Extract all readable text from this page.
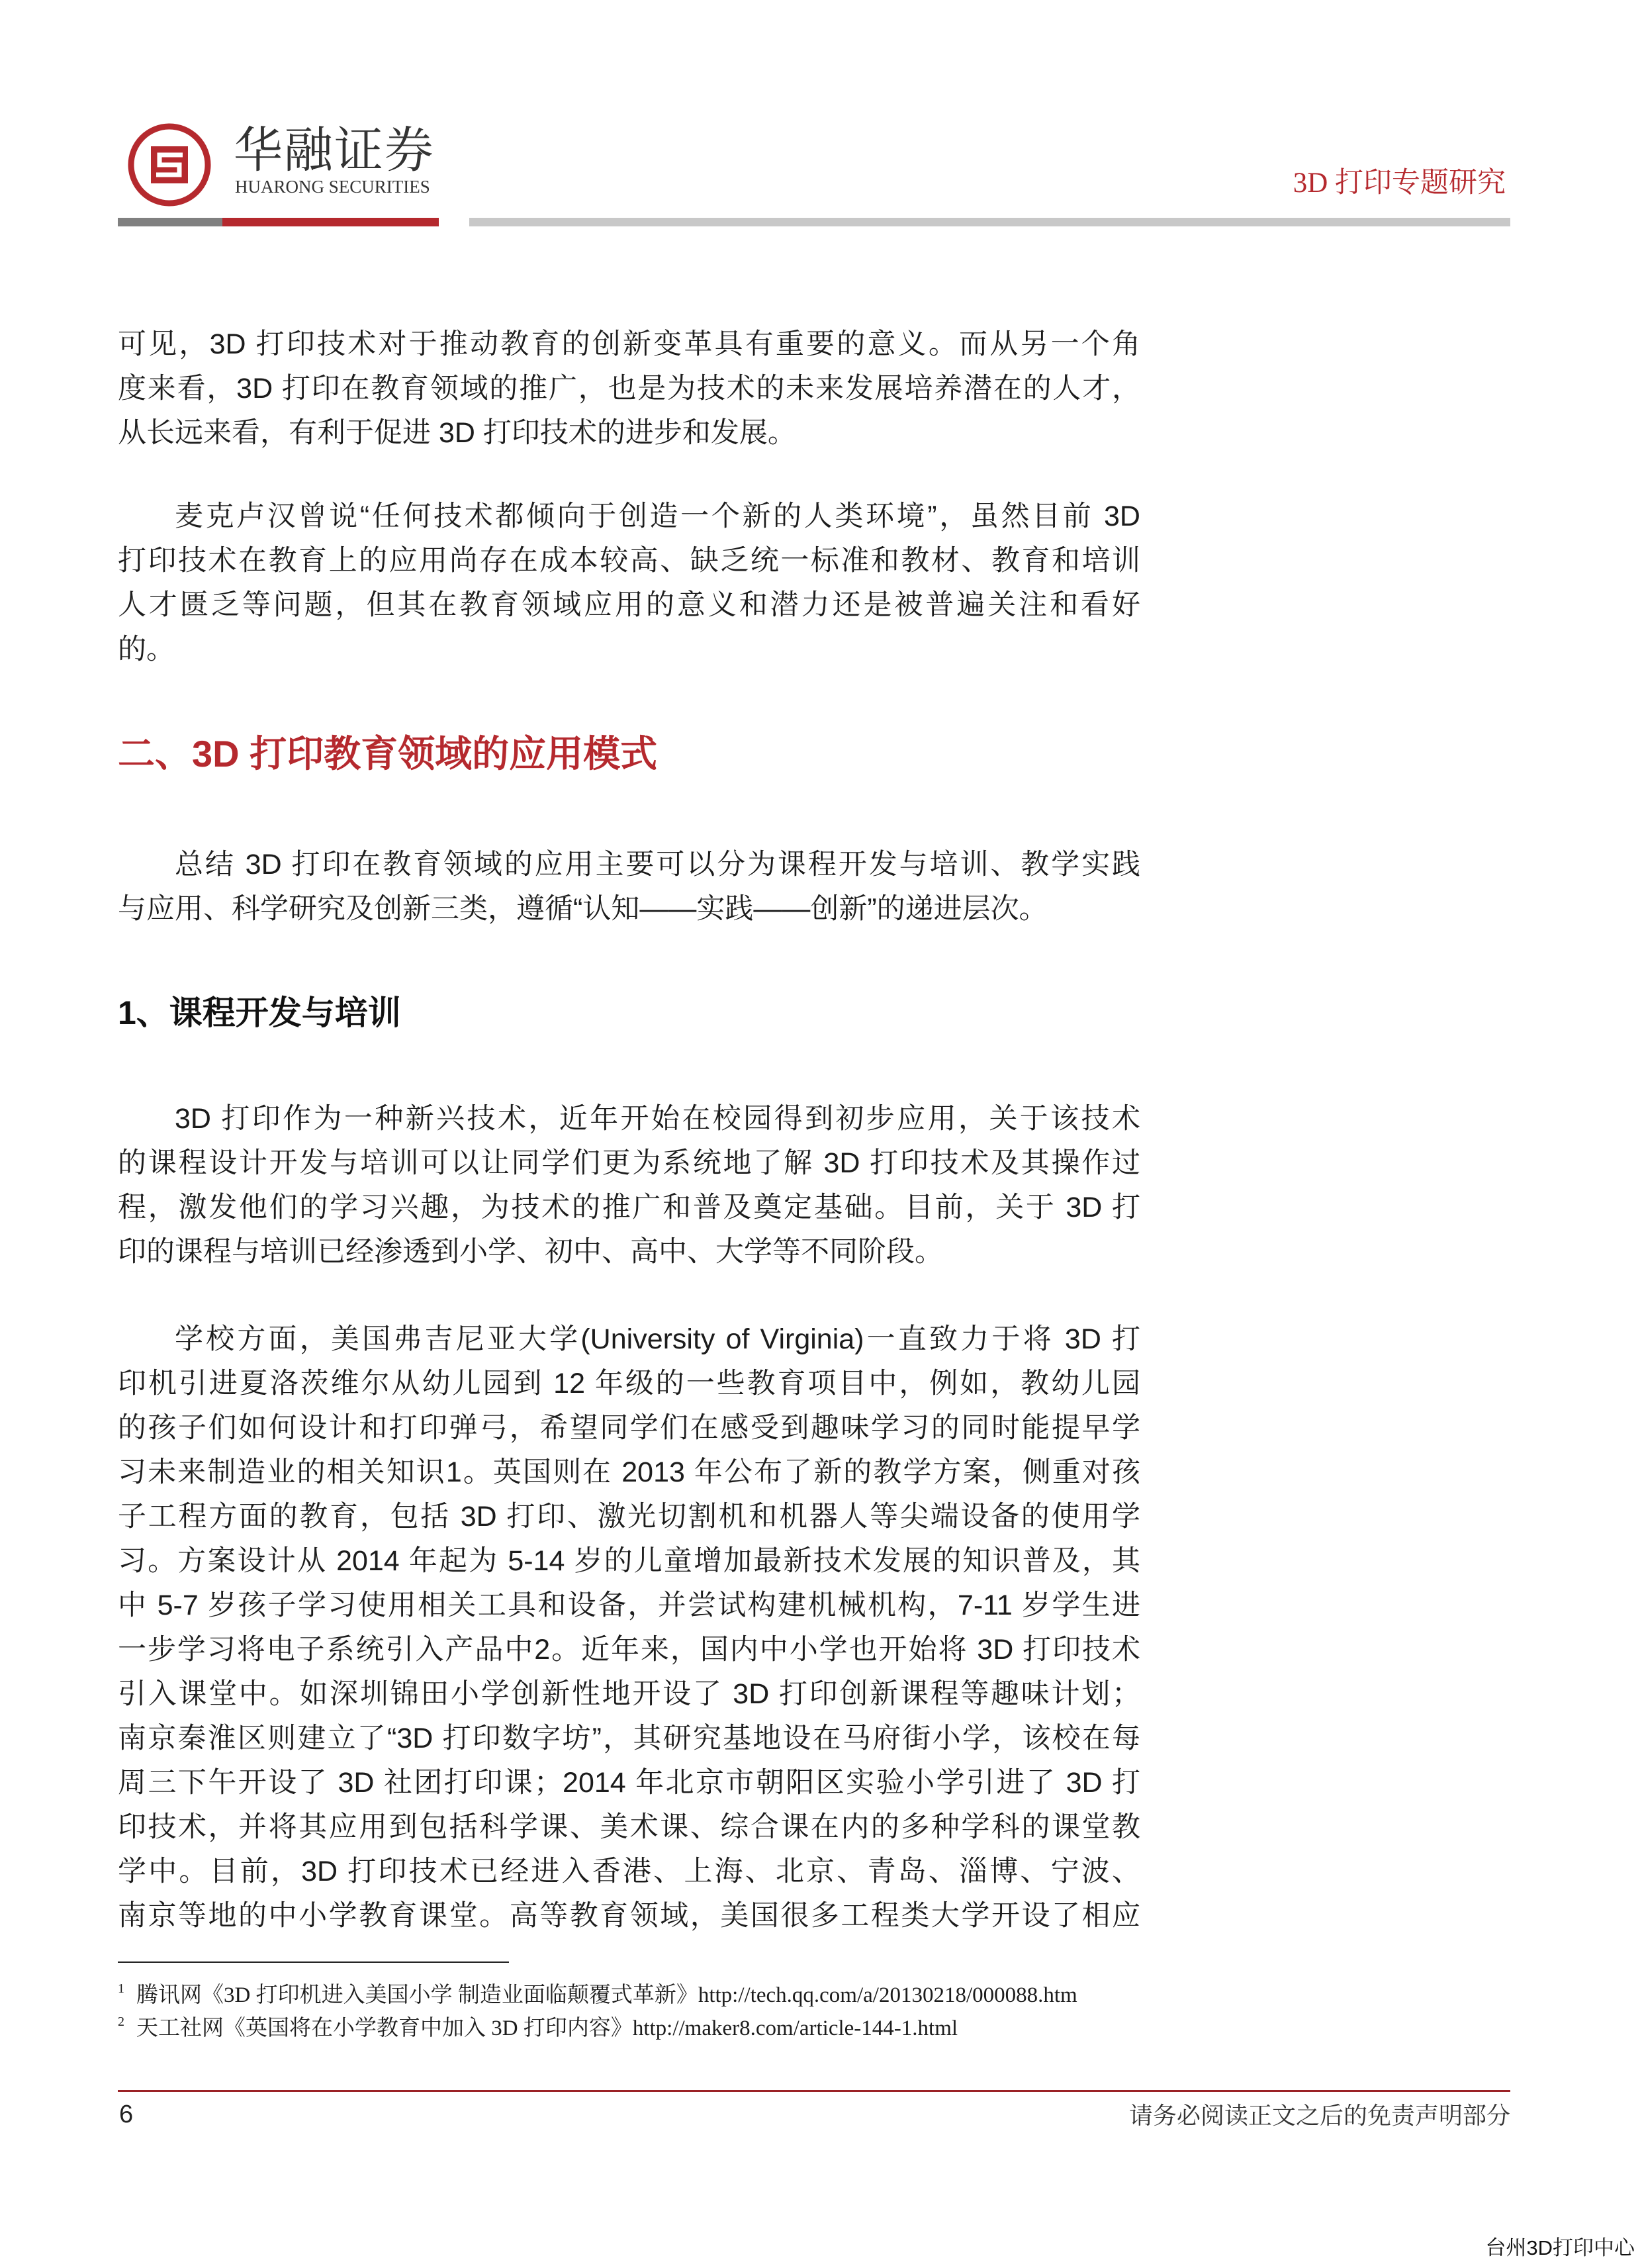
华融证券
HUARONG SECURITIES	3D 打印专题研究
可见，3D 打印技术对于推动教育的创新变革具有重要的意义。而从另一个角
度来看，3D 打印在教育领域的推广，也是为技术的未来发展培养潜在的人才，
从长远来看，有利于促进 3D 打印技术的进步和发展。
麦克卢汉曾说“任何技术都倾向于创造一个新的人类环境”，虽然目前 3D
打印技术在教育上的应用尚存在成本较高、缺乏统一标准和教材、教育和培训
人才匮乏等问题，但其在教育领域应用的意义和潜力还是被普遍关注和看好
的。
二、3D 打印教育领域的应用模式
总结 3D 打印在教育领域的应用主要可以分为课程开发与培训、教学实践
与应用、科学研究及创新三类，遵循“认知——实践——创新”的递进层次。
1、课程开发与培训
3D 打印作为一种新兴技术，近年开始在校园得到初步应用，关于该技术
的课程设计开发与培训可以让同学们更为系统地了解 3D 打印技术及其操作过
程，激发他们的学习兴趣，为技术的推广和普及奠定基础。目前，关于 3D 打
印的课程与培训已经渗透到小学、初中、高中、大学等不同阶段。
学校方面，美国弗吉尼亚大学(University of Virginia)一直致力于将 3D 打
印机引进夏洛茨维尔从幼儿园到 12 年级的一些教育项目中，例如，教幼儿园
的孩子们如何设计和打印弹弓，希望同学们在感受到趣味学习的同时能提早学
习未来制造业的相关知识1。英国则在 2013 年公布了新的教学方案，侧重对孩
子工程方面的教育，包括 3D 打印、激光切割机和机器人等尖端设备的使用学
习。方案设计从 2014 年起为 5-14 岁的儿童增加最新技术发展的知识普及，其
中 5-7 岁孩子学习使用相关工具和设备，并尝试构建机械机构，7-11 岁学生进
一步学习将电子系统引入产品中2。近年来，国内中小学也开始将 3D 打印技术
引入课堂中。如深圳锦田小学创新性地开设了 3D 打印创新课程等趣味计划；
南京秦淮区则建立了“3D 打印数字坊”，其研究基地设在马府街小学，该校在每
周三下午开设了 3D 社团打印课；2014 年北京市朝阳区实验小学引进了 3D 打
印技术，并将其应用到包括科学课、美术课、综合课在内的多种学科的课堂教
学中。目前，3D 打印技术已经进入香港、上海、北京、青岛、淄博、宁波、
南京等地的中小学教育课堂。高等教育领域，美国很多工程类大学开设了相应
1 腾讯网《3D 打印机进入美国小学 制造业面临颠覆式革新》http://tech.qq.com/a/20130218/000088.htm
2 天工社网《英国将在小学教育中加入 3D 打印内容》http://maker8.com/article-144-1.html
6	请务必阅读正文之后的免责声明部分
台州3D打印中心
